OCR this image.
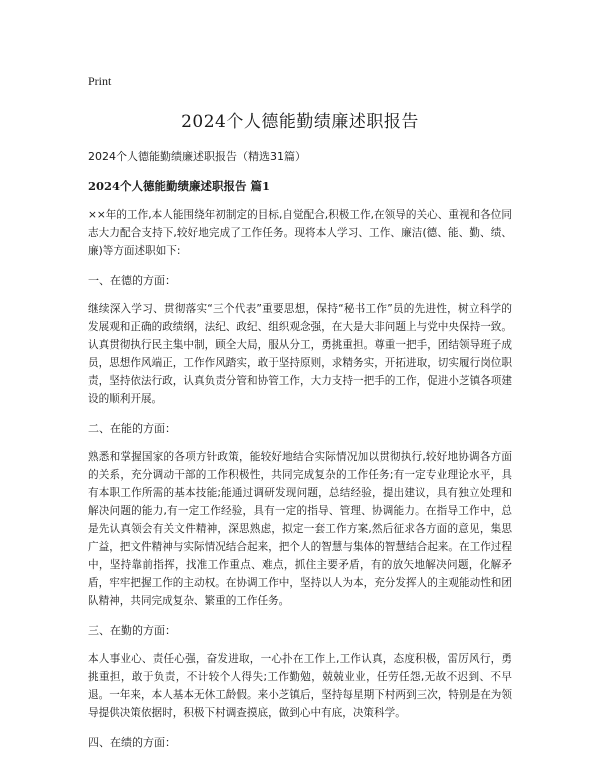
Print
2024个人德能勤绩廉述职报告

2024个人德能勤绩廉述职报告（精选31篇）

2024个人德能勤绩廉述职报告 篇1

××年的工作,本人能围绕年初制定的目标,自觉配合,积极工作,在领导的关心、重视和各位同志大力配合支持下,较好地完成了工作任务。现将本人学习、工作、廉洁(德、能、勤、绩、廉)等方面述职如下:

一、在德的方面：

继续深入学习、贯彻落实“三个代表”重要思想，保持“秘书工作”员的先进性，树立科学的发展观和正确的政绩纲，法纪、政纪、组织观念强，在大是大非问题上与党中央保持一致。认真贯彻执行民主集中制，顾全大局，服从分工，勇挑重担。尊重一把手，团结领导班子成员，思想作风端正，工作作风踏实，敢于坚持原则，求精务实，开拓进取，切实履行岗位职责，坚持依法行政，认真负责分管和协管工作，大力支持一把手的工作，促进小芝镇各项建设的顺利开展。

二、在能的方面：

熟悉和掌握国家的各项方针政策，能较好地结合实际情况加以贯彻执行,较好地协调各方面的关系，充分调动干部的工作积极性，共同完成复杂的工作任务;有一定专业理论水平，具有本职工作所需的基本技能;能通过调研发现问题，总结经验，提出建议，具有独立处理和解决问题的能力,有一定工作经验，具有一定的指导、管理、协调能力。在指导工作中，总是先认真领会有关文件精神，深思熟虑，拟定一套工作方案,然后征求各方面的意见，集思广益，把文件精神与实际情况结合起来，把个人的智慧与集体的智慧结合起来。在工作过程中，坚持靠前指挥，找准工作重点、难点，抓住主要矛盾，有的放矢地解决问题，化解矛盾，牢牢把握工作的主动权。在协调工作中，坚持以人为本，充分发挥人的主观能动性和团队精神，共同完成复杂、繁重的工作任务。

三、在勤的方面：

本人事业心、责任心强，奋发进取，一心扑在工作上,工作认真，态度积极，雷厉风行，勇挑重担，敢于负责，不计较个人得失;工作勤勉，兢兢业业，任劳任怨,无故不迟到、不早退。一年来，本人基本无休工龄假。来小芝镇后，坚持每星期下村两到三次，特别是在为领导提供决策依据时，积极下村调查摸底，做到心中有底，决策科学。

四、在绩的方面：
